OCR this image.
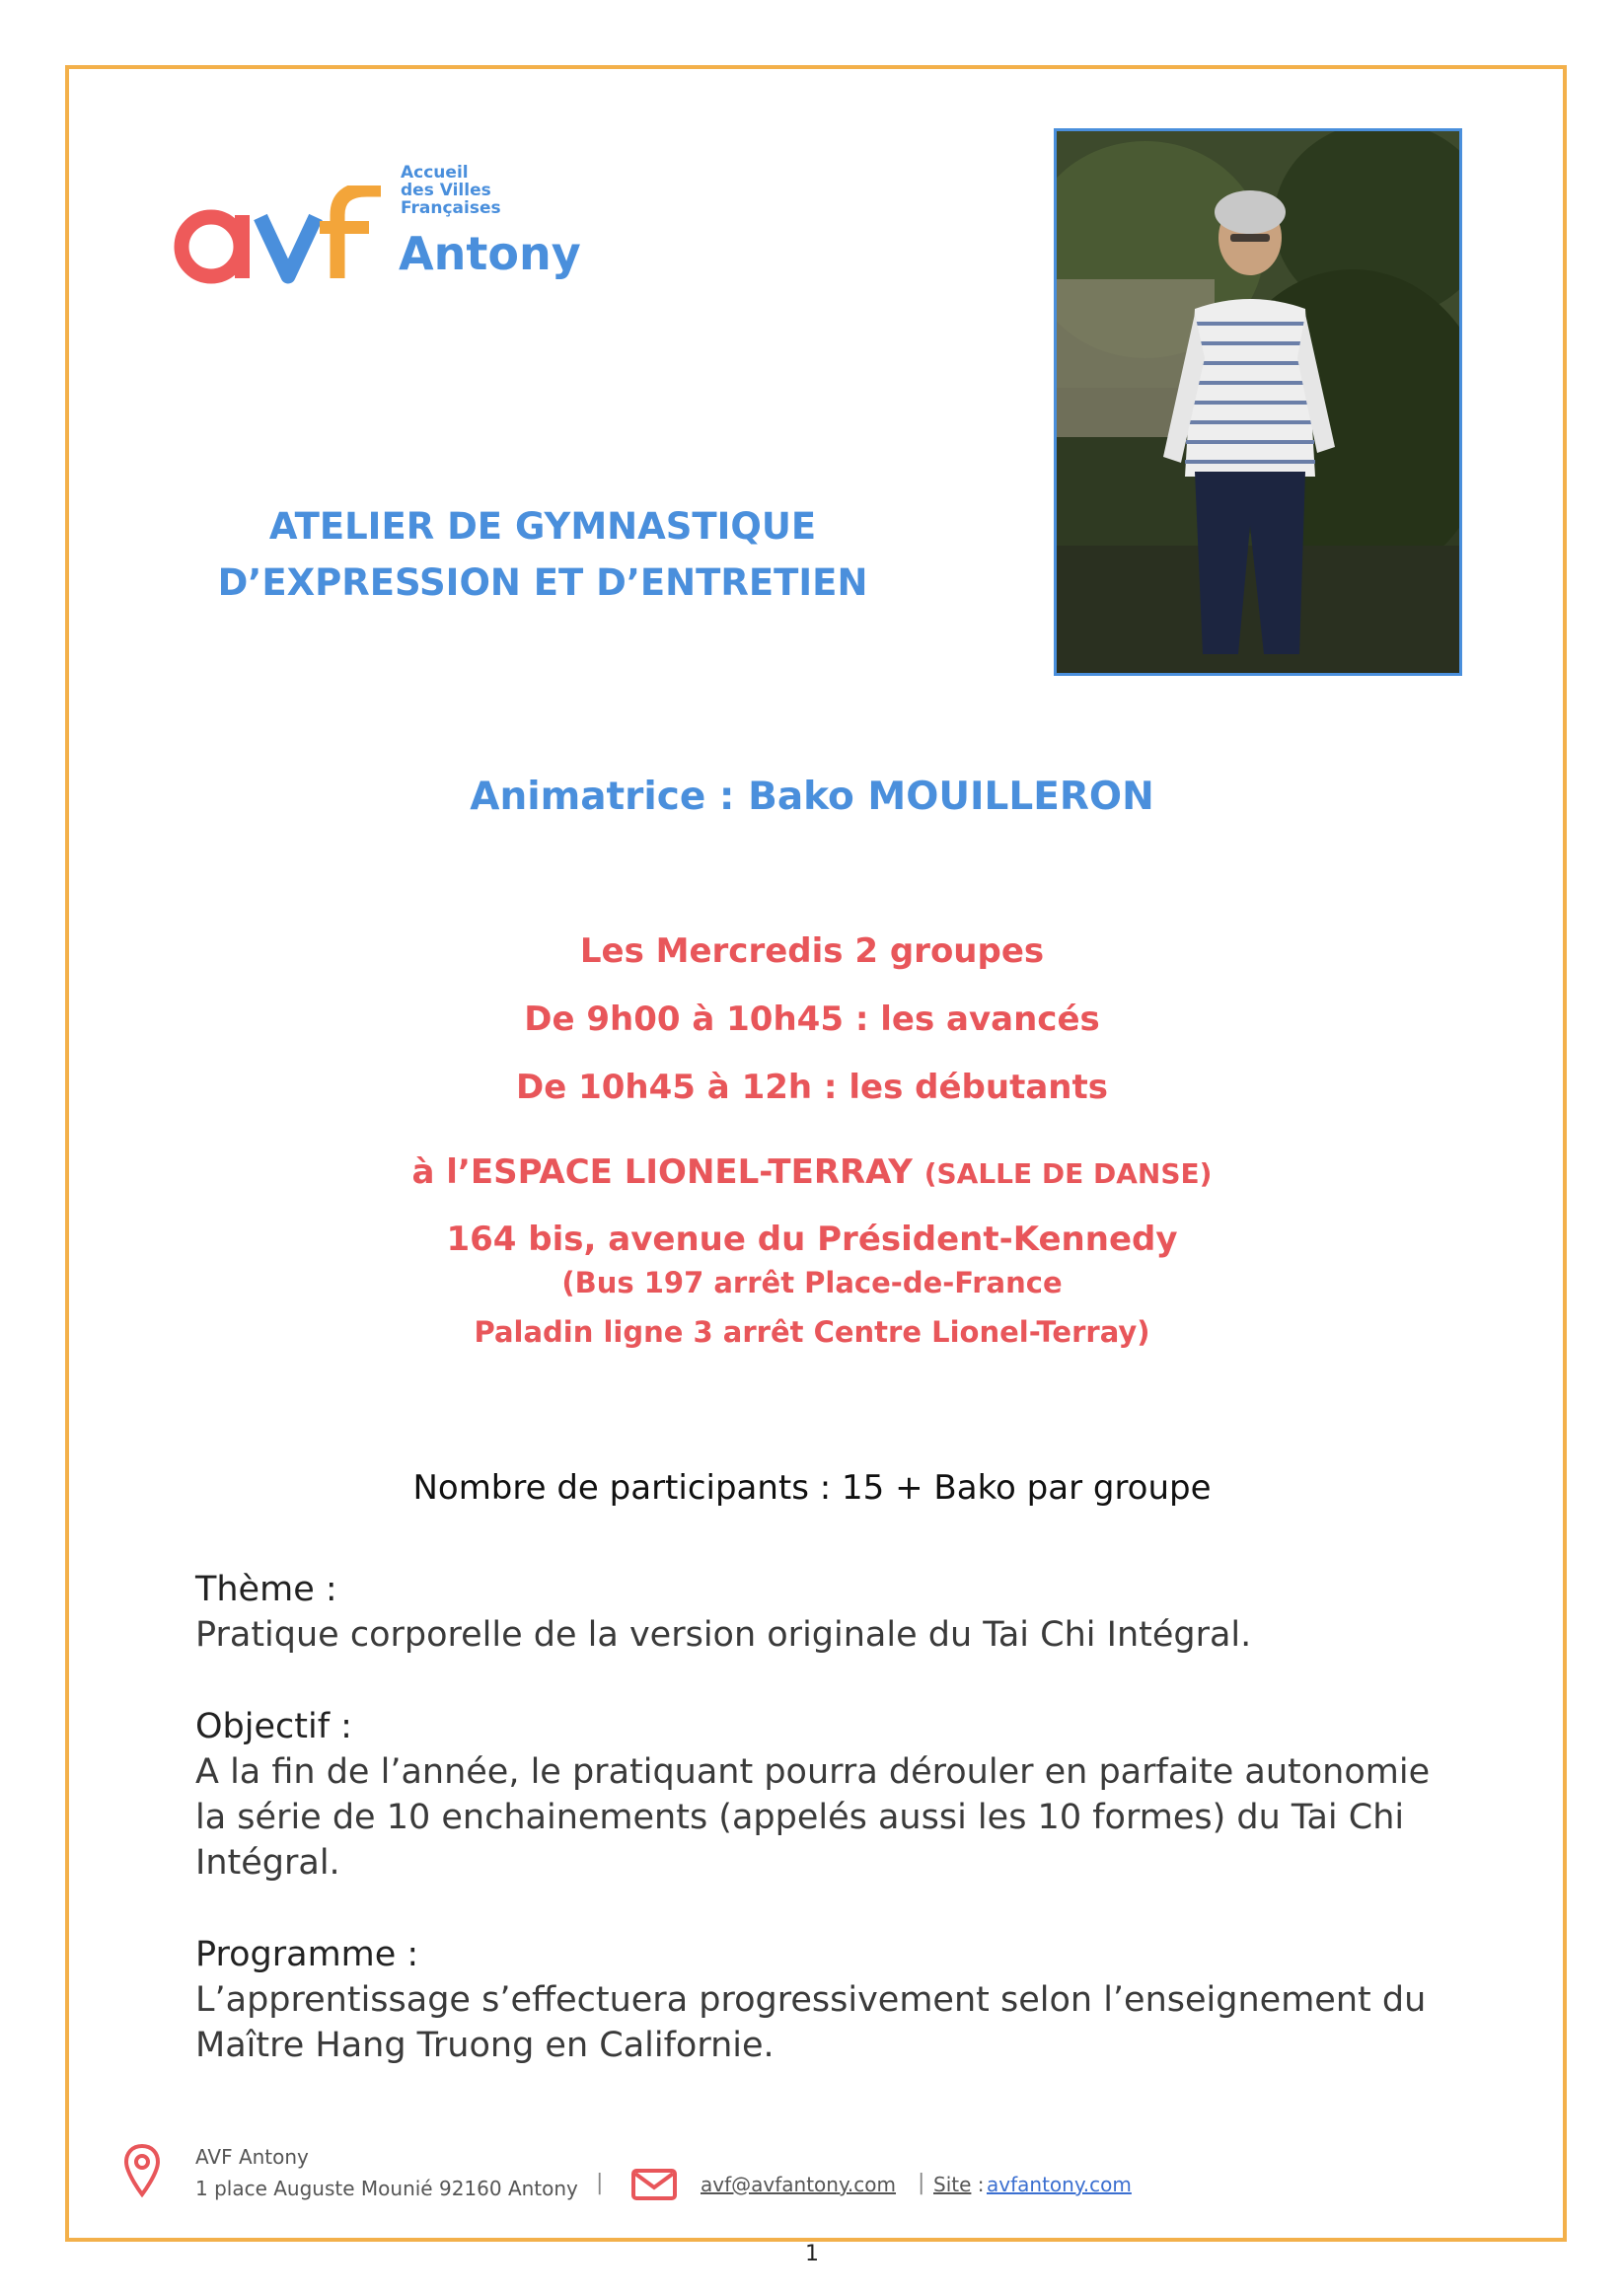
Accueil
des Villes
Françaises
Antony
ATELIER DE GYMNASTIQUE
D’EXPRESSION ET D’ENTRETIEN
Animatrice : Bako MOUILLERON
Les Mercredis 2 groupes
De 9h00 à 10h45 : les avancés
De 10h45 à 12h : les débutants
à l’ESPACE LIONEL-TERRAY (SALLE DE DANSE)
164 bis, avenue du Président-Kennedy
(Bus 197 arrêt Place-de-France
Paladin ligne 3 arrêt Centre Lionel-Terray)
Nombre de participants : 15 + Bako par groupe
Thème :
Pratique corporelle de la version originale du Tai Chi Intégral.
Objectif :
A la fin de l’année, le pratiquant pourra dérouler en parfaite autonomie
la série de 10 enchainements (appelés aussi les 10 formes) du Tai Chi
Intégral.
Programme :
L’apprentissage s’effectuera progressivement selon l’enseignement du
Maître Hang Truong en Californie.
AVF Antony
1 place Auguste Mounié 92160 Antony |	avf@avfantony.com | Site : avfantony.com
1
